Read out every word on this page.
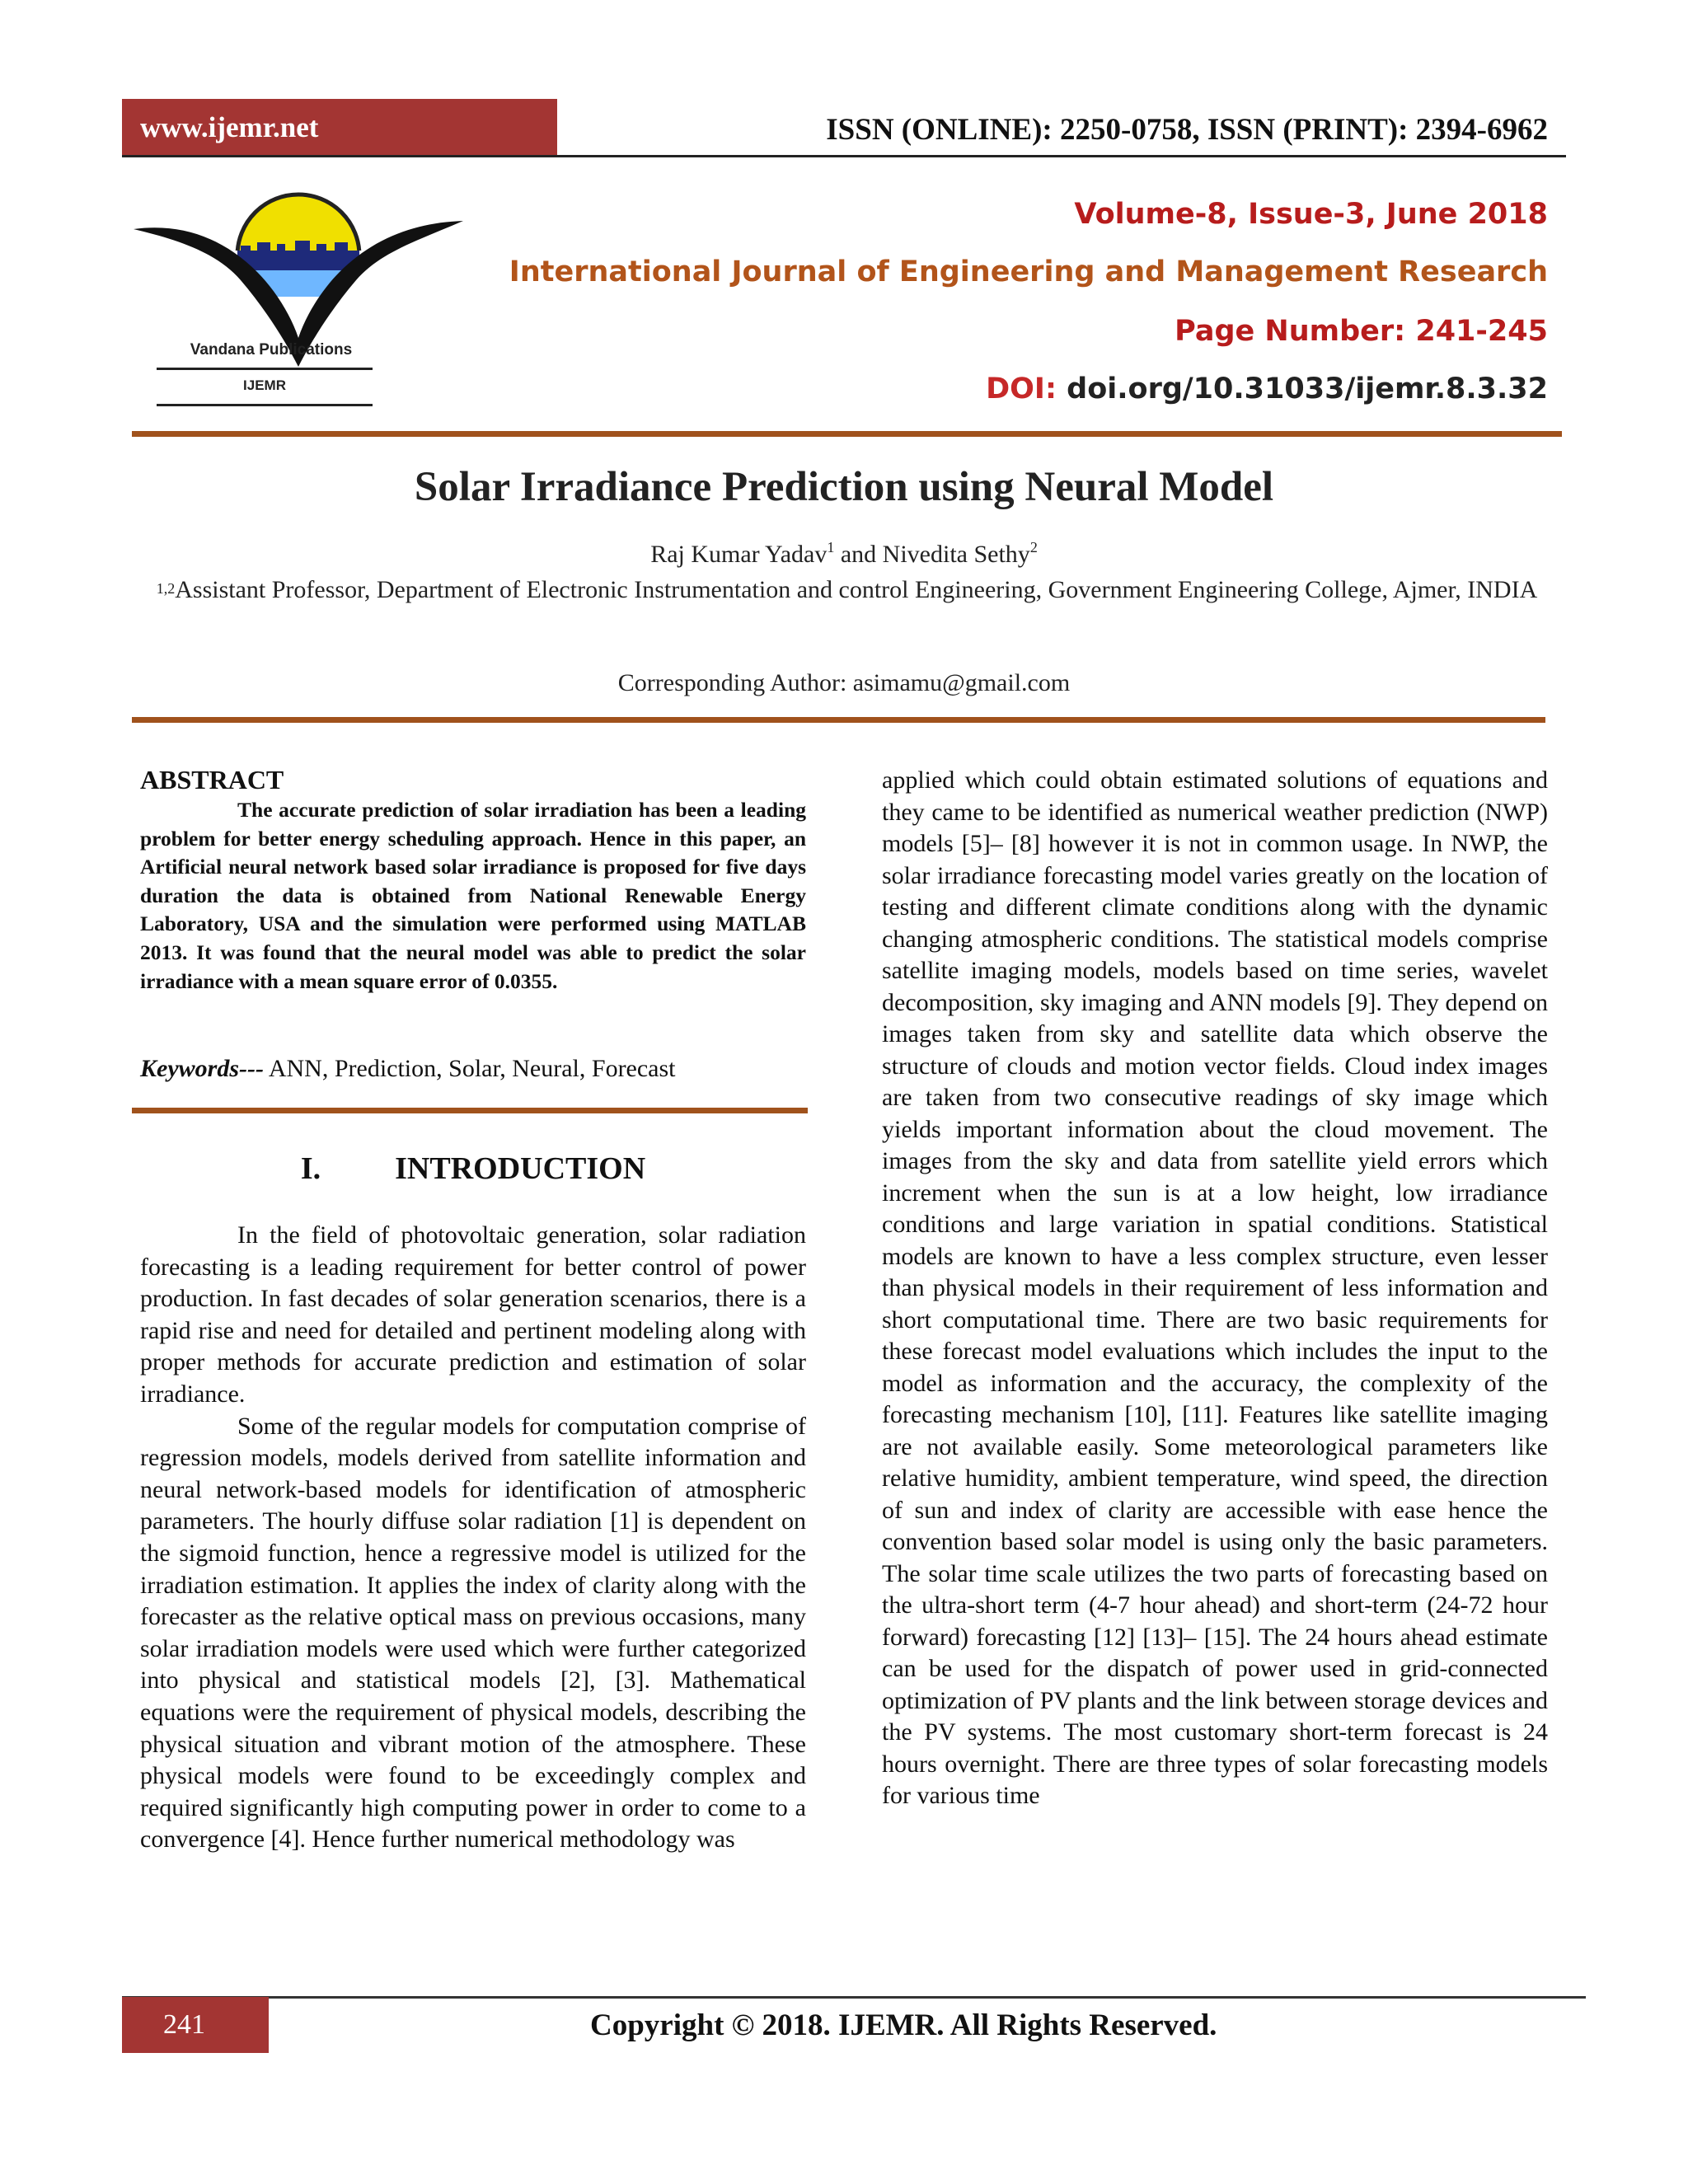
www.ijemr.net	ISSN (ONLINE): 2250-0758, ISSN (PRINT): 2394-6962
Vandana Publications
IJEMR
Volume-8, Issue-3, June 2018
International Journal of Engineering and Management Research
Page Number: 241-245
DOI: doi.org/10.31033/ijemr.8.3.32
Solar Irradiance Prediction using Neural Model
Raj Kumar Yadav$^1$ and Nivedita Sethy$^2$
$^{1,2}$Assistant Professor, Department of Electronic Instrumentation and control Engineering, Government Engineering College, Ajmer, INDIA
Corresponding Author: asimamu@gmail.com
ABSTRACT
The accurate prediction of solar irradiation has been a leading problem for better energy scheduling approach. Hence in this paper, an Artificial neural network based solar irradiance is proposed for five days duration the data is obtained from National Renewable Energy Laboratory, USA and the simulation were performed using MATLAB 2013. It was found that the neural model was able to predict the solar irradiance with a mean square error of 0.0355.
Keywords--- ANN, Prediction, Solar, Neural, Forecast
I. INTRODUCTION

In the field of photovoltaic generation, solar radiation forecasting is a leading requirement for better control of power production. In fast decades of solar generation scenarios, there is a rapid rise and need for detailed and pertinent modeling along with proper methods for accurate prediction and estimation of solar irradiance.

Some of the regular models for computation comprise of regression models, models derived from satellite information and neural network-based models for identification of atmospheric parameters. The hourly diffuse solar radiation [1] is dependent on the sigmoid function, hence a regressive model is utilized for the irradiation estimation. It applies the index of clarity along with the forecaster as the relative optical mass on previous occasions, many solar irradiation models were used which were further categorized into physical and statistical models [2], [3]. Mathematical equations were the requirement of physical models, describing the physical situation and vibrant motion of the atmosphere. These physical models were found to be exceedingly complex and required significantly high computing power in order to come to a convergence [4]. Hence further numerical methodology was

applied which could obtain estimated solutions of equations and they came to be identified as numerical weather prediction (NWP) models [5]– [8] however it is not in common usage. In NWP, the solar irradiance forecasting model varies greatly on the location of testing and different climate conditions along with the dynamic changing atmospheric conditions. The statistical models comprise satellite imaging models, models based on time series, wavelet decomposition, sky imaging and ANN models [9]. They depend on images taken from sky and satellite data which observe the structure of clouds and motion vector fields. Cloud index images are taken from two consecutive readings of sky image which yields important information about the cloud movement. The images from the sky and data from satellite yield errors which increment when the sun is at a low height, low irradiance conditions and large variation in spatial conditions. Statistical models are known to have a less complex structure, even lesser than physical models in their requirement of less information and short computational time. There are two basic requirements for these forecast model evaluations which includes the input to the model as information and the accuracy, the complexity of the forecasting mechanism [10], [11]. Features like satellite imaging are not available easily. Some meteorological parameters like relative humidity, ambient temperature, wind speed, the direction of sun and index of clarity are accessible with ease hence the convention based solar model is using only the basic parameters. The solar time scale utilizes the two parts of forecasting based on the ultra-short term (4-7 hour ahead) and short-term (24-72 hour forward) forecasting [12] [13]– [15]. The 24 hours ahead estimate can be used for the dispatch of power used in grid-connected optimization of PV plants and the link between storage devices and the PV systems. The most customary short-term forecast is 24 hours overnight. There are three types of solar forecasting models for various time

241	Copyright © 2018. IJEMR. All Rights Reserved.
